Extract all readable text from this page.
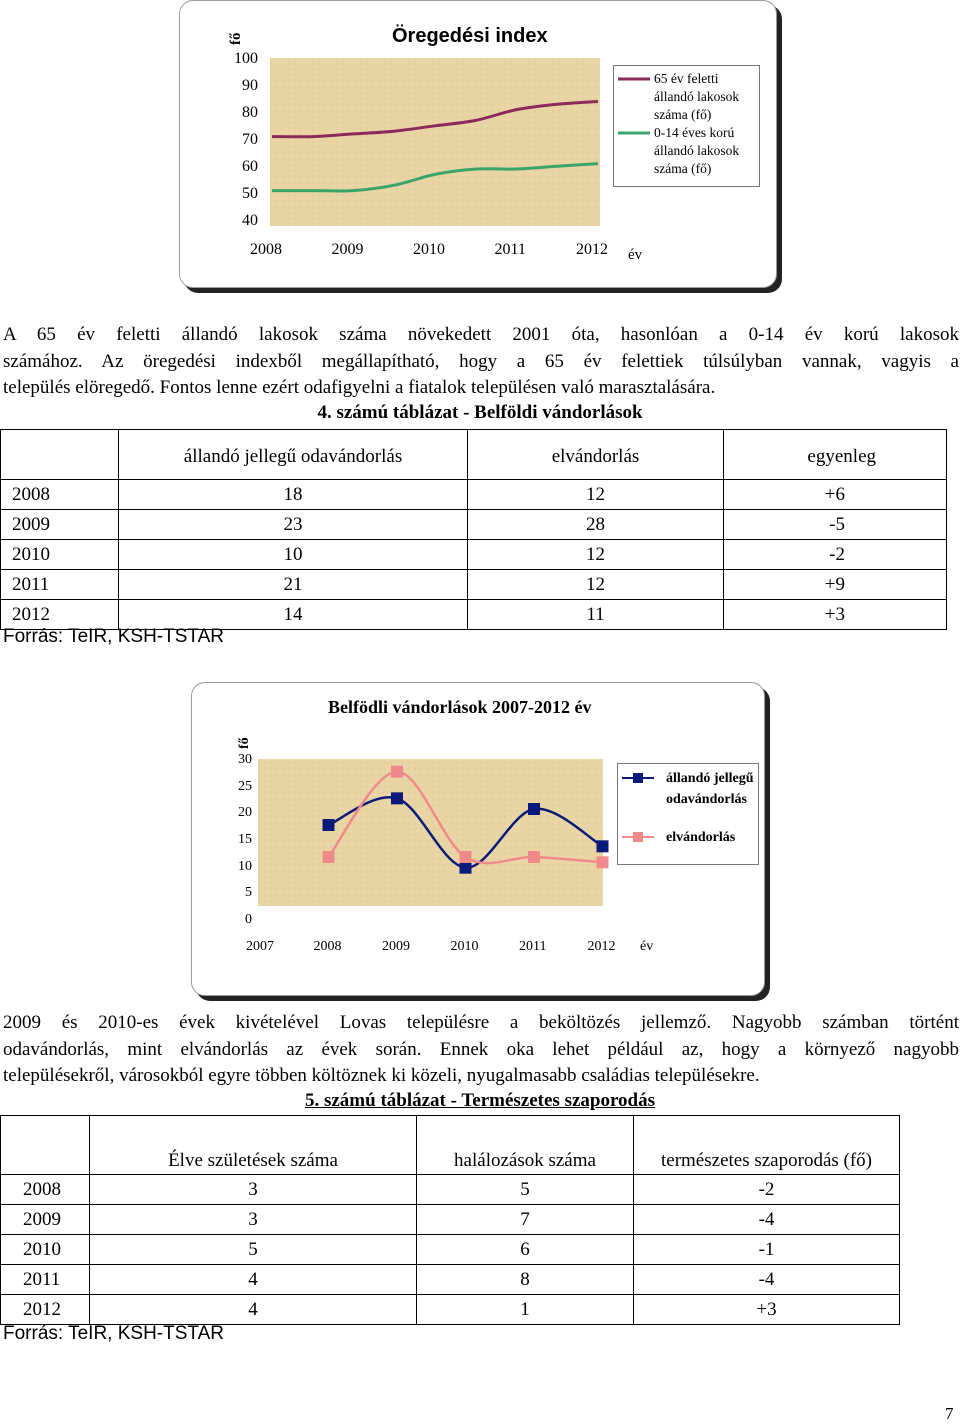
fő	Öregedési index
100
90
80
70
60
50
40
2008	2009	2010	2011	2012 év
65 év feletti állandó lakosok száma (fő)
0-14 éves korú állandó lakosok száma (fő)
A 65 év feletti állandó lakosok száma növekedett 2001 óta, hasonlóan a 0-14 év korú lakosok
számához. Az öregedési indexből megállapítható, hogy a 65 év felettiek túlsúlyban vannak, vagyis a
település elöregedő. Fontos lenne ezért odafigyelni a fiatalok településen való marasztalására.
4. számú táblázat - Belföldi vándorlások
	állandó jellegű odavándorlás	elvándorlás	egyenleg
2008	18	12	+6
2009	23	28	-5
2010	10	12	-2
2011	21	12	+9
2012	14	11	+3
Forrás: TeIR, KSH-TSTAR
Belfödli vándorlások 2007-2012 év
fő
30
25
20
15
10
5
0
2007	2008	2009	2010	2011	2012 év
állandó jellegű odavándorlás
elvándorlás
2009 és 2010-es évek kivételével Lovas településre a beköltözés jellemző. Nagyobb számban történt
odavándorlás, mint elvándorlás az évek során. Ennek oka lehet például az, hogy a környező nagyobb
településekről, városokból egyre többen költöznek ki közeli, nyugalmasabb családias településekre.
5. számú táblázat - Természetes szaporodás
	Élve születések száma	halálozások száma	természetes szaporodás (fő)
2008	3	5	-2
2009	3	7	-4
2010	5	6	-1
2011	4	8	-4
2012	4	1	+3
Forrás: TeIR, KSH-TSTAR
7
